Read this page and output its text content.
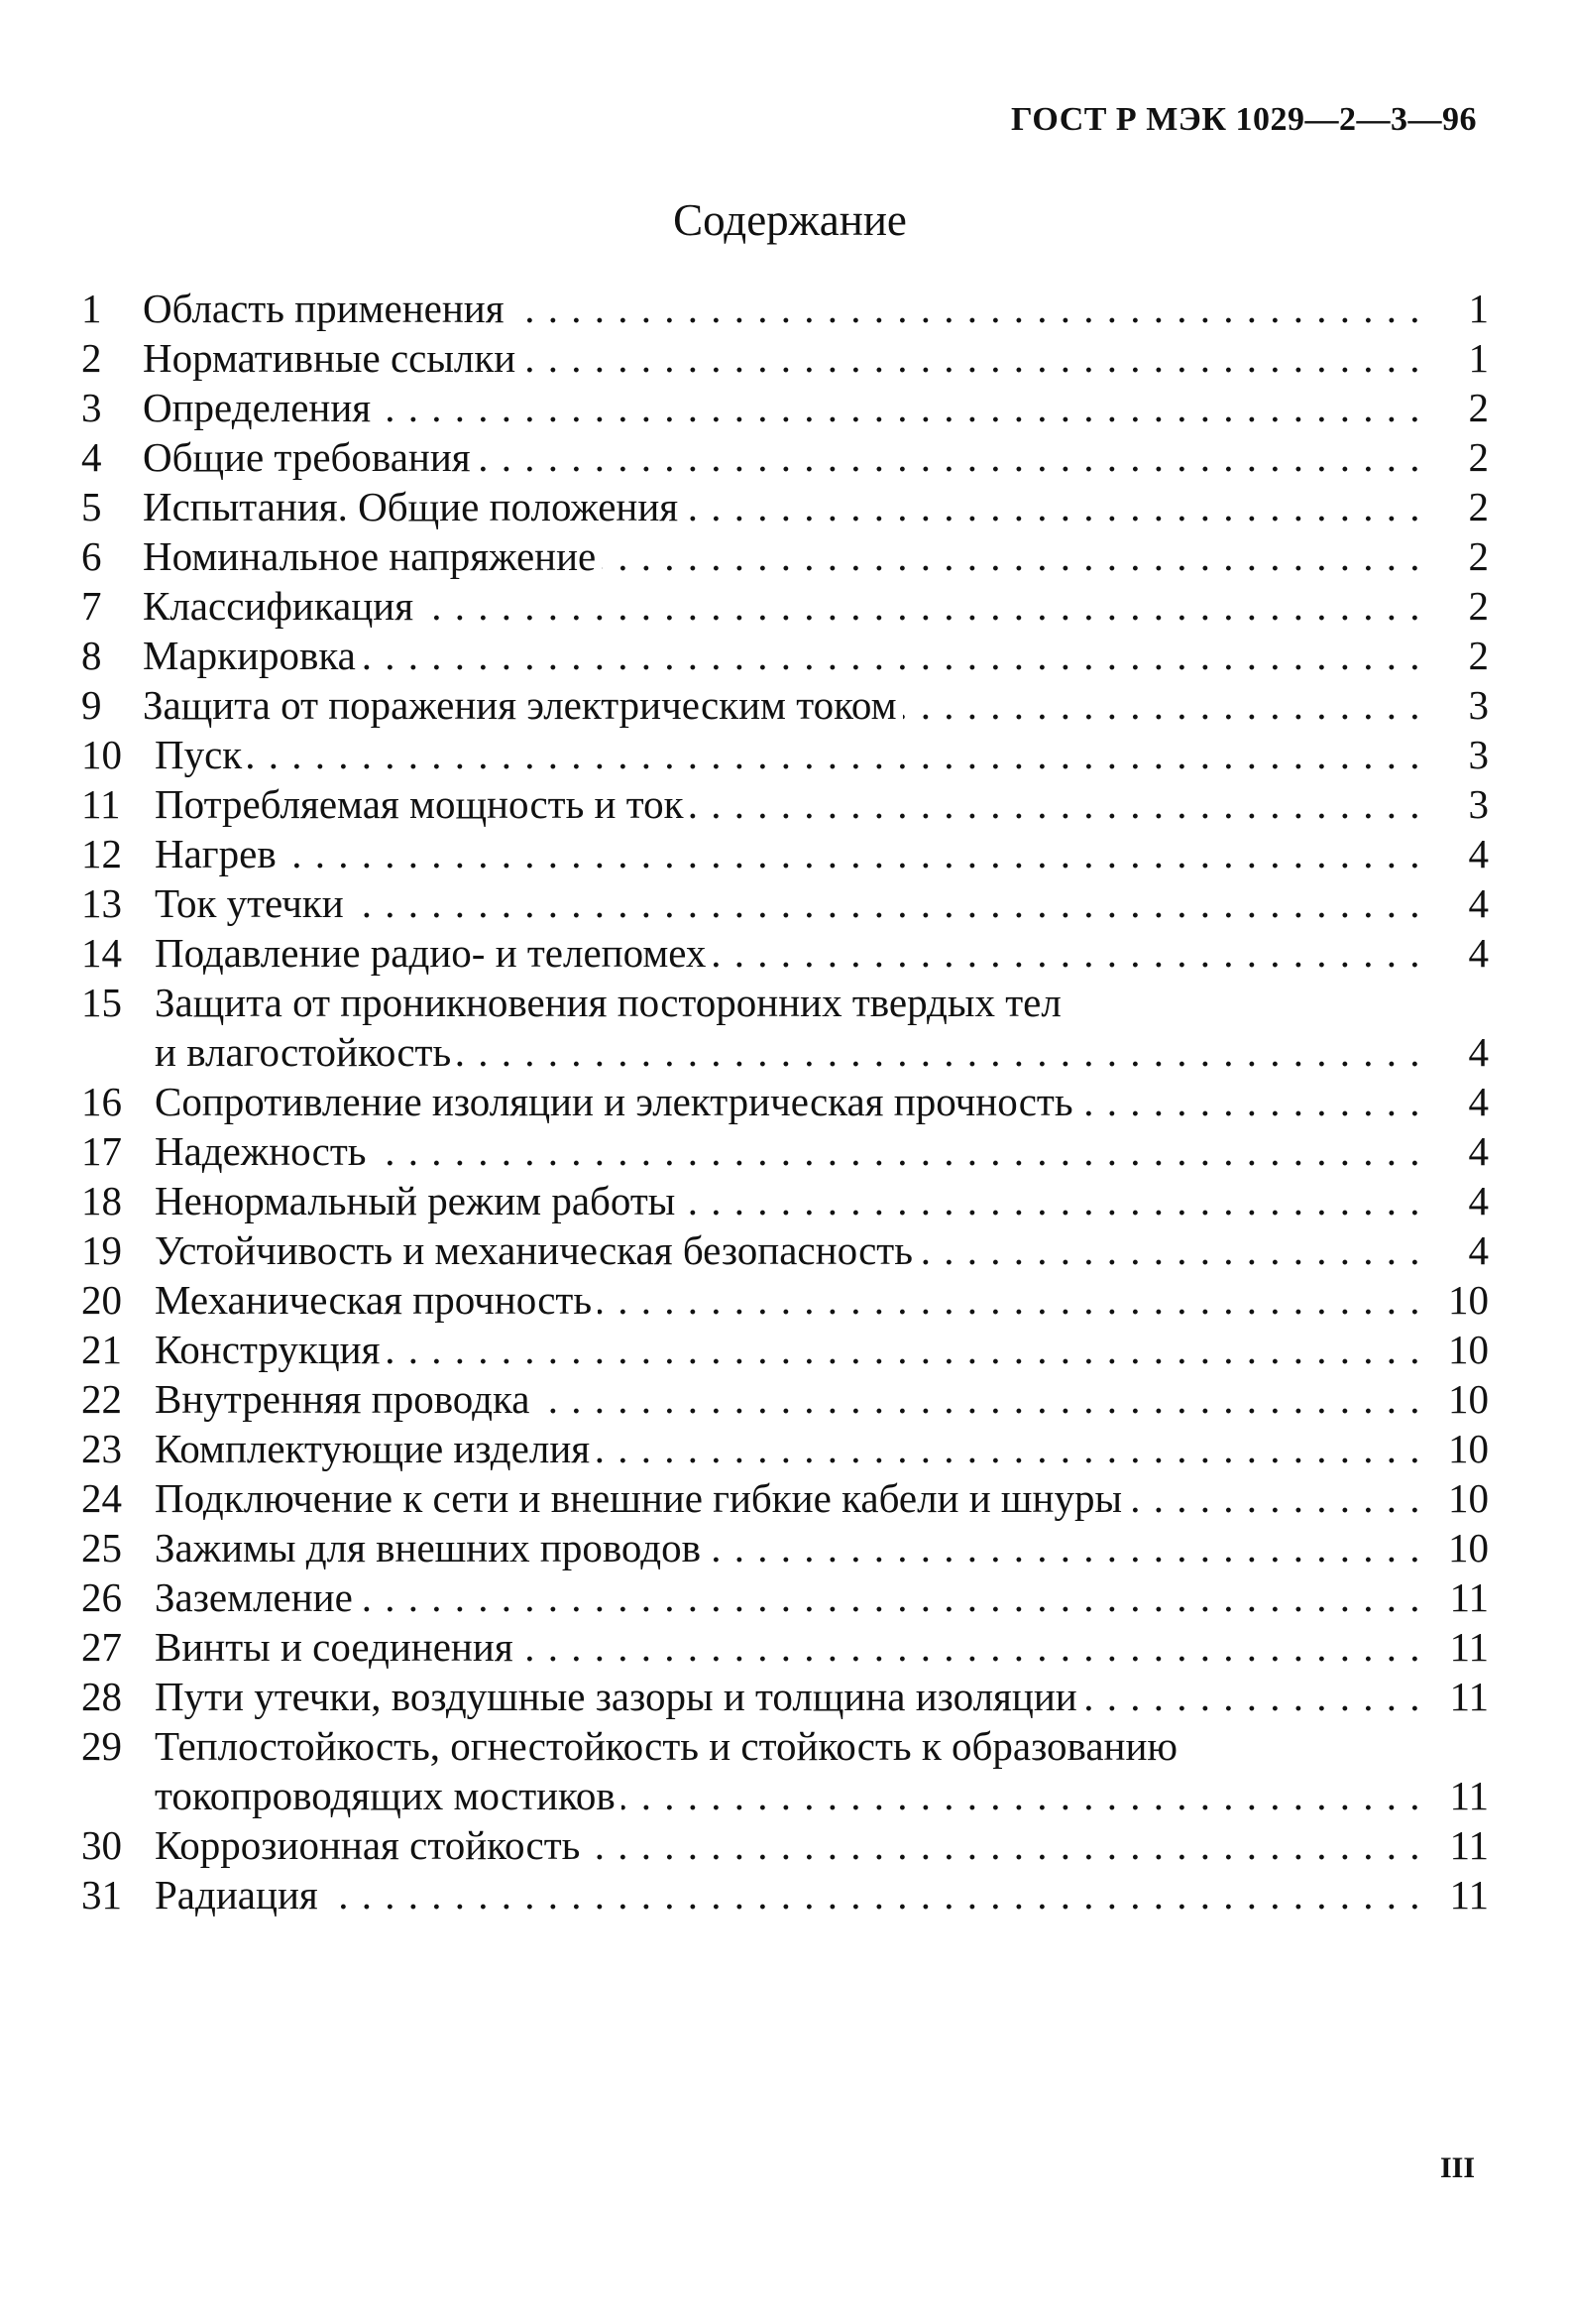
ГОСТ Р МЭК 1029—2—3—96
Содержание
1	Область применения . . .	1
2	Нормативные ссылки . . .	1
3	Определения . . .	2
4	Общие требования . . .	2
5	Испытания. Общие положения . . .	2
6	Номинальное напряжение . . .	2
7	Классификация . . .	2
8	Маркировка . . .	2
9	Защита от поражения электрическим током . . .	3
10 Пуск . . .	3
11 Потребляемая мощность и ток . . .	3
12 Нагрев . . .	4
13 Ток утечки . . .	4
14 Подавление радио- и телепомех . . .	4
15 Защита от проникновения посторонних твердых тел
и влагостойкость . . .	4
16 Сопротивление изоляции и электрическая прочность . . .	4
17 Надежность . . .	4
18 Ненормальный режим работы . . .	4
19 Устойчивость и механическая безопасность . . .	4
20 Механическая прочность . . .	10
21 Конструкция . . .	10
22 Внутренняя проводка . . .	10
23 Комплектующие изделия . . .	10
24 Подключение к сети и внешние гибкие кабели и шнуры . . .	10
25 Зажимы для внешних проводов . . .	10
26 Заземление . . .	11
27 Винты и соединения . . .	11
28 Пути утечки, воздушные зазоры и толщина изоляции . . .	11
29 Теплостойкость, огнестойкость и стойкость к образованию
токопроводящих мостиков . . .	11
30 Коррозионная стойкость . . .	11
31 Радиация . . .	11
III
